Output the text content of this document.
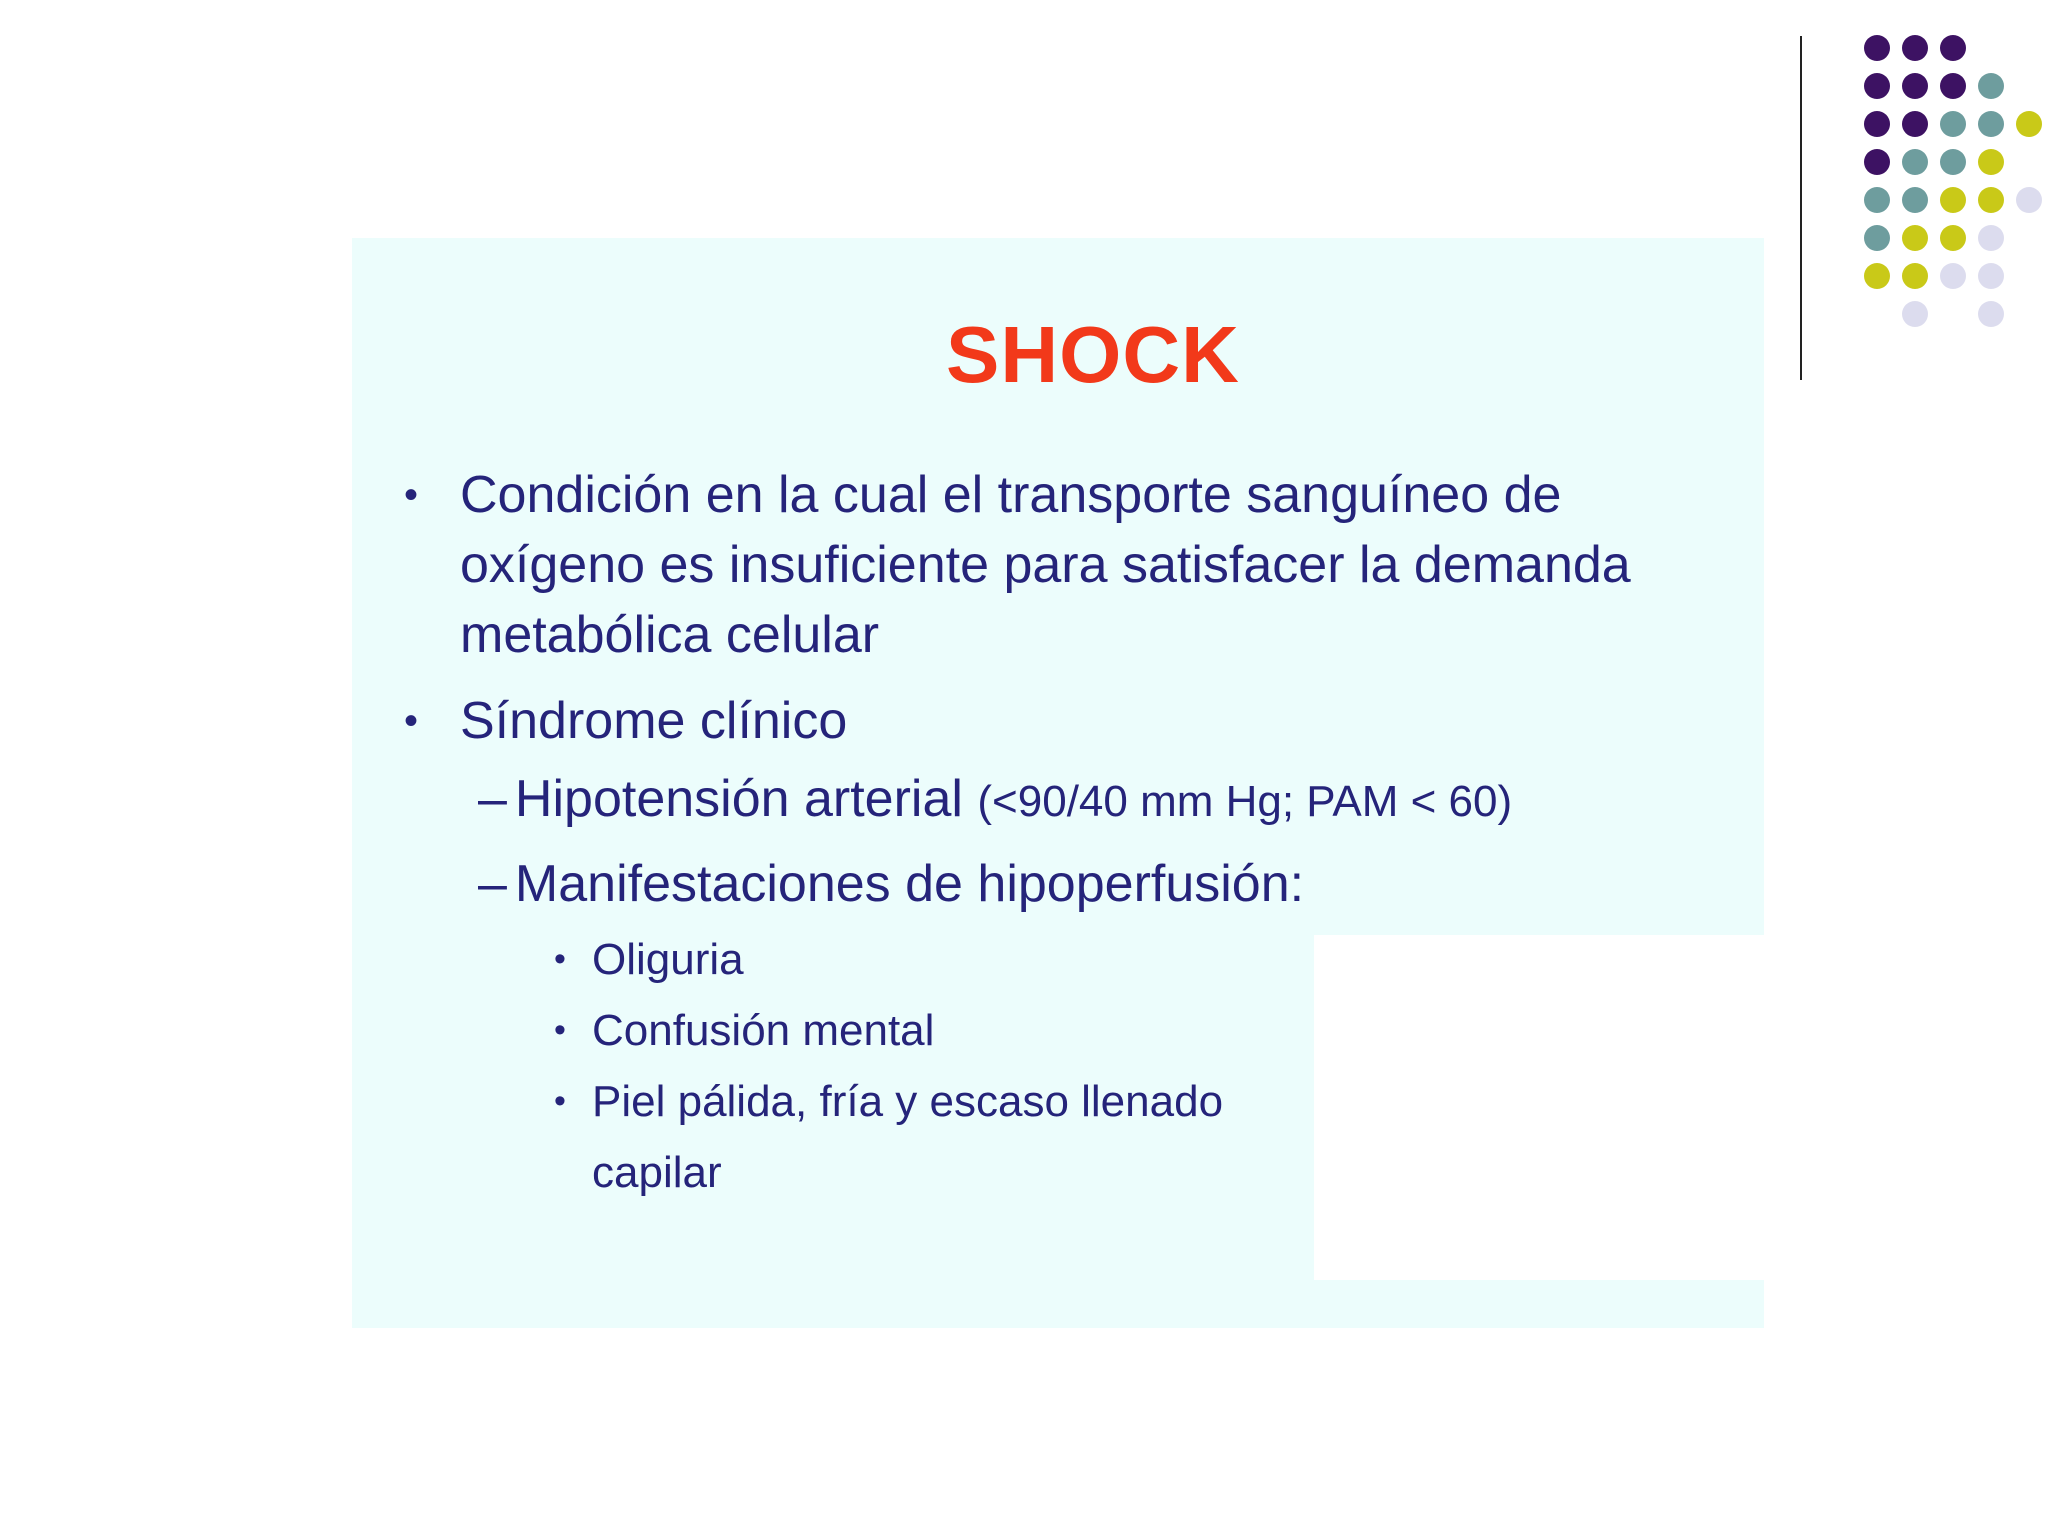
SHOCK
• Condición en la cual el transporte sanguíneo de oxígeno es insuficiente para satisfacer la demanda metabólica celular
• Síndrome clínico
– Hipotensión arterial (<90/40 mm Hg; PAM < 60)
– Manifestaciones de hipoperfusión:
• Oliguria
• Confusión mental
• Piel pálida, fría y escaso llenado capilar
